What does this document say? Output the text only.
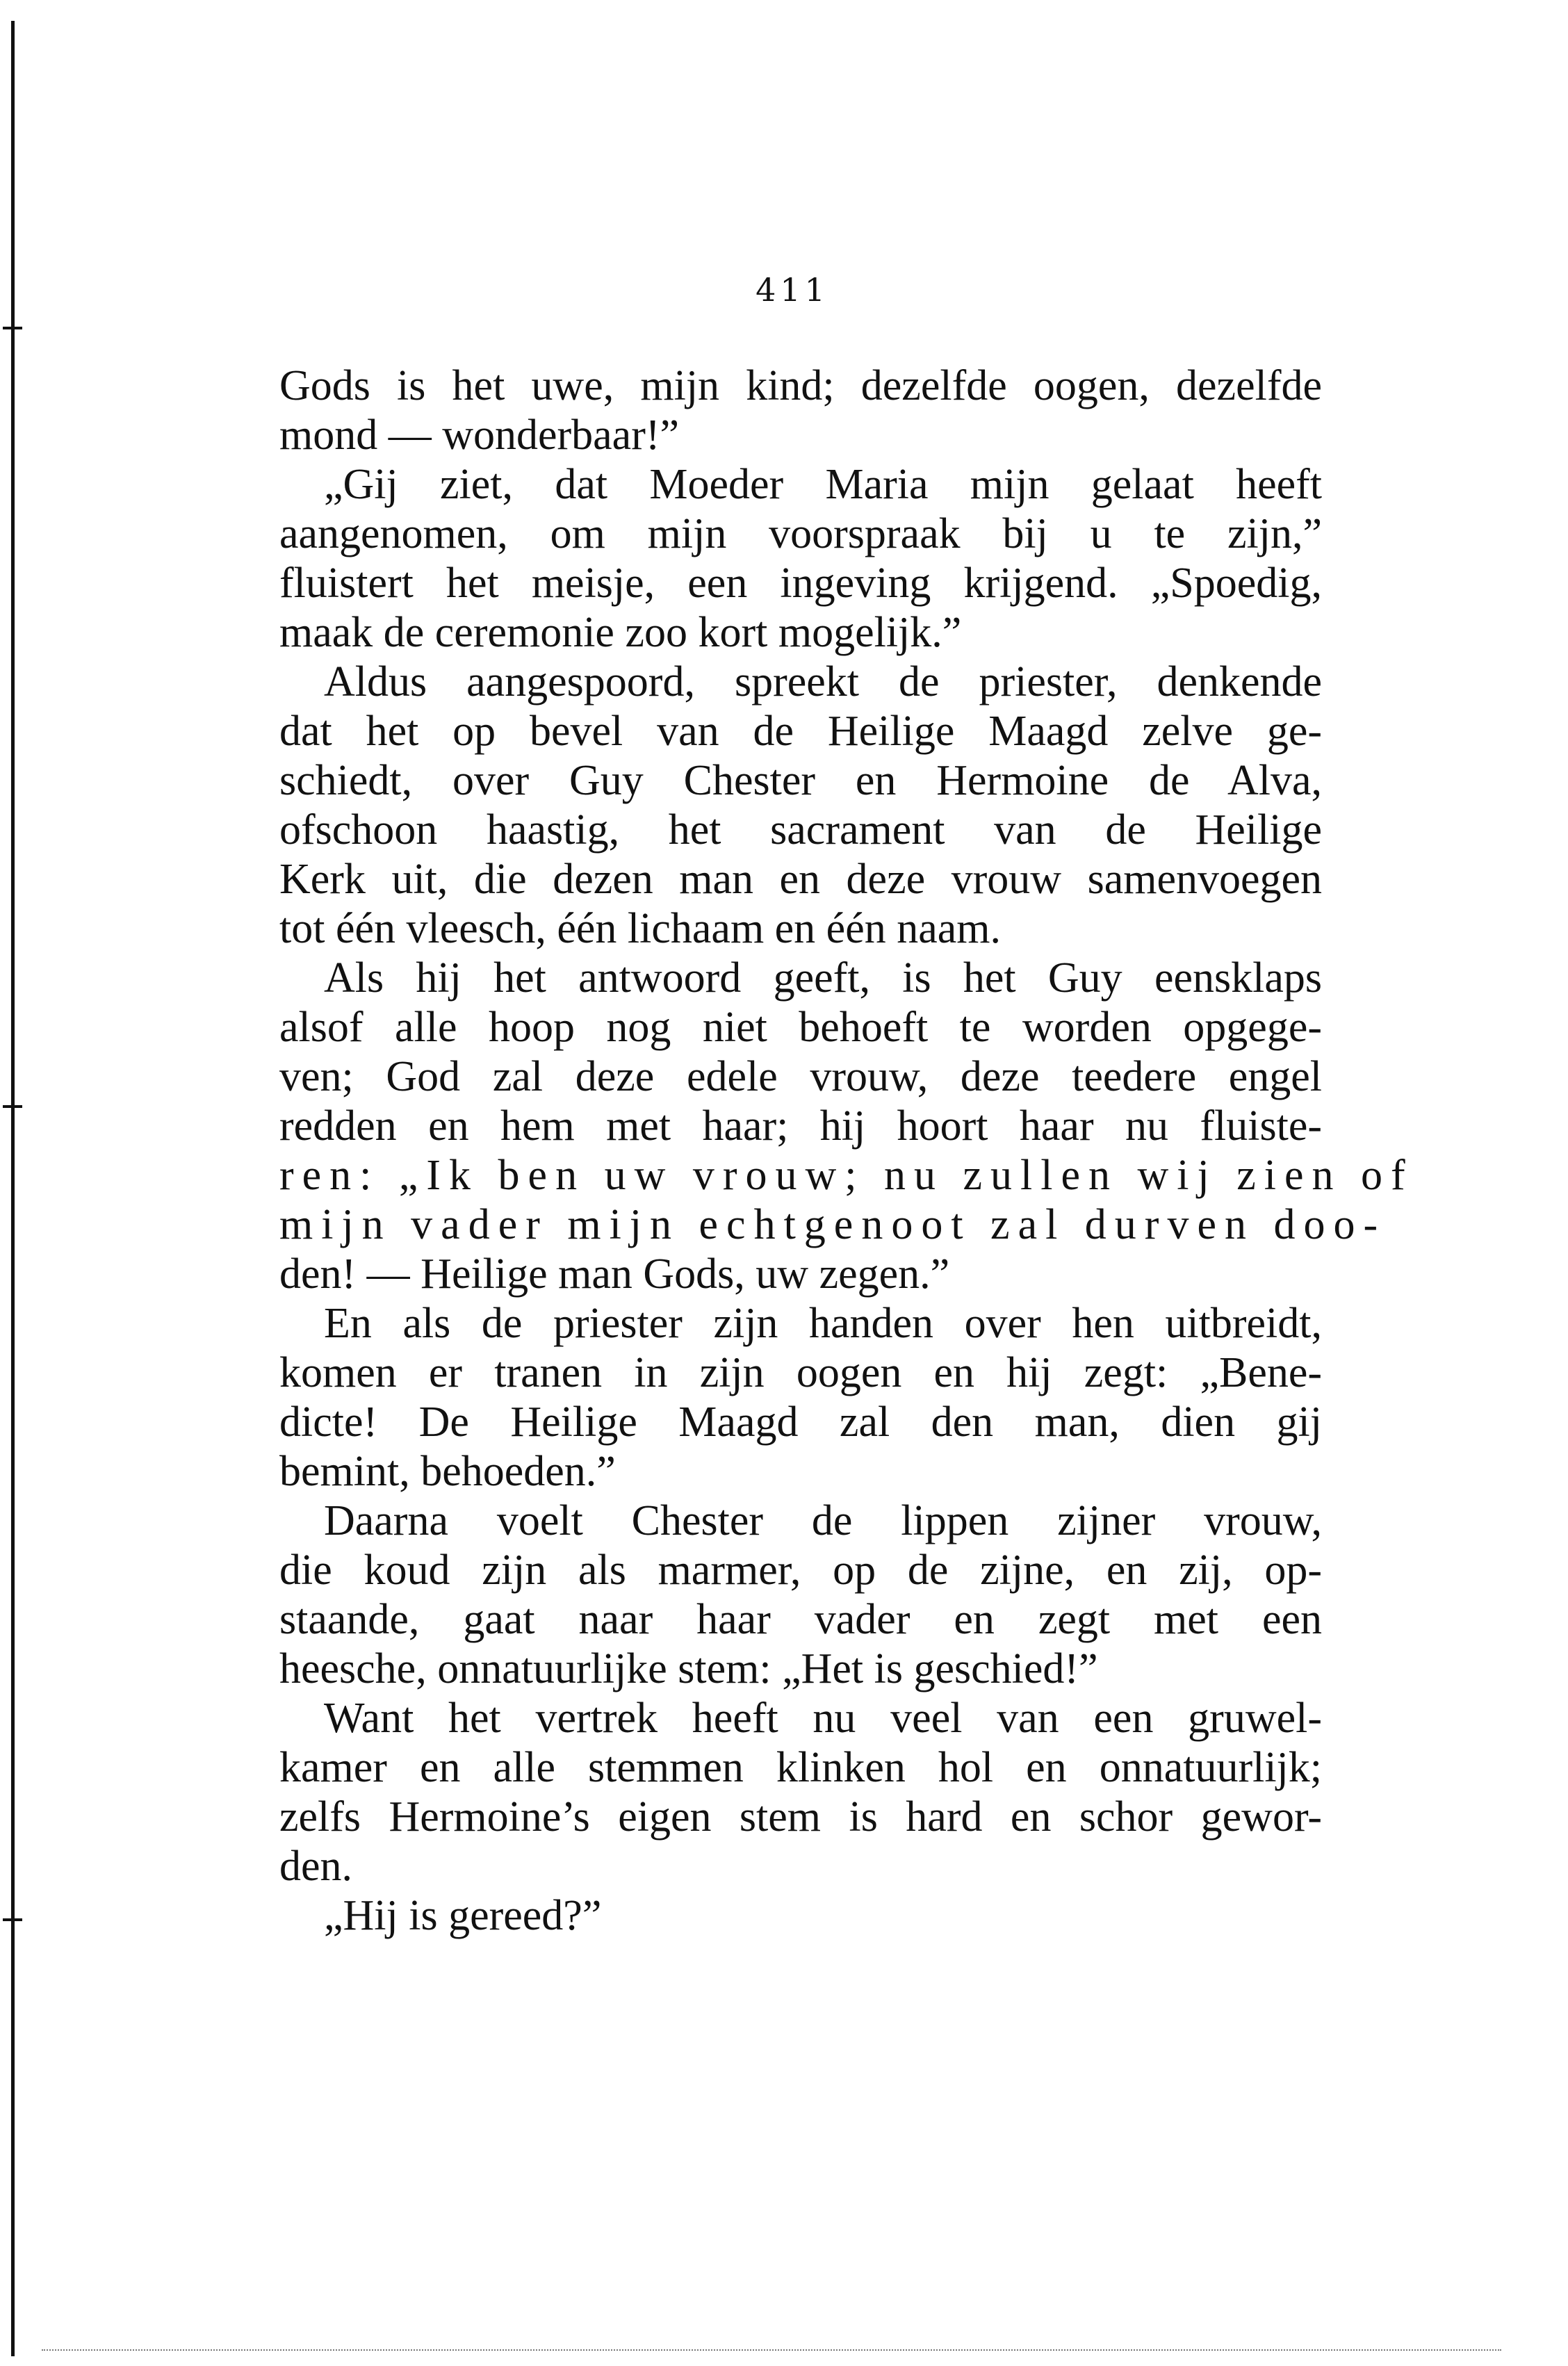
411
Gods is het uwe, mijn kind; dezelfde oogen, dezelfde
mond — wonderbaar!”
„Gij ziet, dat Moeder Maria mijn gelaat heeft
aangenomen, om mijn voorspraak bij u te zijn,”
fluistert het meisje, een ingeving krijgend. „Spoedig,
maak de ceremonie zoo kort mogelijk.”
Aldus aangespoord, spreekt de priester, denkende
dat het op bevel van de Heilige Maagd zelve ge-
schiedt, over Guy Chester en Hermoine de Alva,
ofschoon haastig, het sacrament van de Heilige
Kerk uit, die dezen man en deze vrouw samenvoegen
tot één vleesch, één lichaam en één naam.
Als hij het antwoord geeft, is het Guy eensklaps
alsof alle hoop nog niet behoeft te worden opgege-
ven; God zal deze edele vrouw, deze teedere engel
redden en hem met haar; hij hoort haar nu fluiste-
ren: „Ik ben uw vrouw; nu zullen wij zien of
mijn vader mijn echtgenoot zal durven doo-
den! — Heilige man Gods, uw zegen.”
En als de priester zijn handen over hen uitbreidt,
komen er tranen in zijn oogen en hij zegt: „Bene-
dicte! De Heilige Maagd zal den man, dien gij
bemint, behoeden.”
Daarna voelt Chester de lippen zijner vrouw,
die koud zijn als marmer, op de zijne, en zij, op-
staande, gaat naar haar vader en zegt met een
heesche, onnatuurlijke stem: „Het is geschied!”
Want het vertrek heeft nu veel van een gruwel-
kamer en alle stemmen klinken hol en onnatuurlijk;
zelfs Hermoine’s eigen stem is hard en schor gewor-
den.
„Hij is gereed?”
